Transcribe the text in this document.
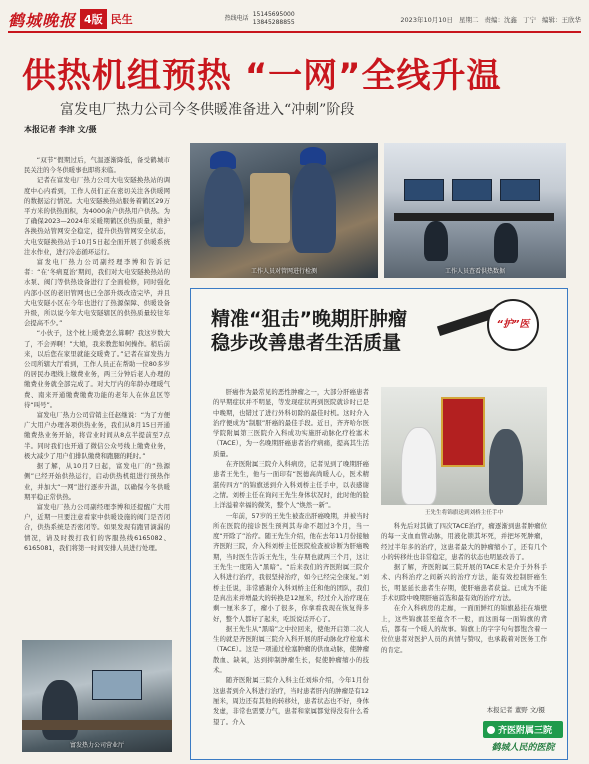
鹤城晚报 4版 民生	热线电话
15145695000
13845288855	2023年10月10日 星期二 责编：沈鑫 丁宁 编辑：王欣华
供热机组预热 “一网”全线升温
富发电厂热力公司今冬供暖准备进入“冲刺”阶段
本报记者 李津 文/摄

“双节”假期过后，气温逐渐降低，备受鹤城市民关注的今冬供暖事也即将来临。

记者在富发电厂热力公司大电安隧换热站的调度中心内看到，工作人员们正在密切关注各供暖网的数据运行情况。大电安隧换热站服务着鹤区29万平方米的供热面积，为4000余户供热用户供热。为了确保2023—2024年采暖期鹤区供热质量，维护各换热站管网安全稳定，提升供热管网安全状态，大电安隧换热站于10月5日起全面开展了供暖系统注水作业，进行冷态循环运行。

富发电厂热力公司副经理李博和告诉记者：“在‘冬病夏治’期间，我们对大电安隧换热站的水泵、阀门等供热设备进行了全面检修，同时强化内部小区的老旧管网也已全部升级改造完毕，并且大电安隧小区在今年也进行了热源保障、供暖设备升级，所以说今年大电安隧辖区的供热质量较往年会提高不少。”

“小伙子，这个枕上暖费怎么算啊？我这岁数大了，不会弄啊！”大娘，我来教您如何操作。稍后前来，以后您在家里就能交暖费了。”记者在富发热力公司所辖大厅看到，工作人员正在帮助一位80多岁的居民办理线上缴费业务，两三分钟后老人办理的缴费业务就全部完成了。对大厅内的年龄办理暖气费、南来开通缴费缴费功能的老年人在休息区等待“叫号”。

富发电厂热力公司营销主任赵继说：“为了方便广大用户办理各项供热业务，我们从8月15日开通缴费热业务开始，将营业时间从8点半提前至7点半。同时我们也开通了微信公众号线上缴费业务，极大减少了用户们排队缴费和跑腿的耗时。”

据了解，从10月7日起，富发电厂的“热源侧”已经开始供热运行，启动供热机组进行预热作业，并加大“一网”进行逐步升温，以确保今冬供暖期平稳正常供热。

富发电厂热力公司副经理李博和还提醒广大用户，近期一旦要注意看家中供暖设施的阀门是否闭合，供热系统是否密闭等。如果发现有跑冒滴漏的情况，请及时拨打我们的客服热线6165082、6165081，我们将第一时间安排人员进行处理。

工作人员对管网进行检测	工作人员查看供热数据
富发热力公司营业厅
精准“狙击”晚期肝肿瘤
稳步改善患者生活质量
“护”医

肝癌作为最常见的恶性肿瘤之一，大部分肝癌患者的早期症状并不明显，等发现症状再到医院就诊时已是中晚期，也错过了进行外科切除的最佳时机。这时介入治疗便成为“制服”肝癌的最佳手段。近日，齐齐哈尔医学院附属第三医院介入科成功实施肝动脉化疗栓塞术（TACE），为一名晚期肝癌患者治疗病痛，提高其生活质量。

在齐医附属三院介入科病房，记者见到了晚期肝癌患者王先生，他与一面印有“医德高尚暖人心，医术精湛传四方”的锦旗送到介入科刘桥主任手中，以表感谢之情。刘桥主任在询问王先生身体状况时，此时他的脸上洋溢着幸福的微笑，整个人“焕然一新”。

一年前，57岁的王先生被查出肝癌晚期，并被当时所在医院的接诊医生预判其寿命不超过3个月，当一度“开除了”治疗。随王先生介绍，他在去年11月份接触齐医附三院，介入科刘桥主任医院检查被诊断为肝癌晚期，当时医生告诉王先生，生存期也就两三个月，这让王先生一度陷入“黑暗”。“后来我们的齐医附属三院介入科进行治疗，我很坚持治疗，如今已经完全康复。”刘桥主任说，非常感谢介入科刘桥主任和他的团队，我们是真出来并增最大的转换是12厘米，经过介入治疗现在剩一厘米多了，瘤小了很多，你拿看我现在恢复得多好，整个人都好了起来，吃饭说话开心了。

据王先生从“黑暗”之中拉回来，使他开启第二次人生的就是齐医附属三院介入科开展的肝动脉化疗栓塞术（TACE）。这是一项通过栓塞肿瘤的供血动脉，使肿瘤散血、缺氧，达到抑制肿瘤生长，促使肿瘤缩小的技术。

随齐医附属三院介入科主任刘炜介绍，今年1月份这患者到介入科进行治疗，当时患者肝内的肿瘤是有12厘米，周边还有其他的转移灶，患者状态也不好，身体发虚，非常也需要力气，患者和家属都觉得没有什么希望了。介入

王先生将锦旗送到刘桥主任手中

科先后对其做了四次TACE治疗，瘤逐渐到患者肿瘤位的每一支血血管动脉，用液化锁其坏死，并把坏死肿瘤，经过半年多的治疗，这患者最大的肿瘤缩小了，还有几个小的转移灶也非常稳定，患者的状态也明显改善了。

据了解，齐医附属三院开展的TACE术是介于外科手术、内科治疗之间新兴的治疗方法，能有效控制肝癌生长，明显延长患者生存期，使肝癌患者获益。已成为不能手术切除中晚期肝癌首选和最有效的治疗方法。

在介入科病房的走廊，一面面鲜红的锦旗悬挂在墙壁上，这些锦旗甚至蕴含不一般，而这面每一面锦旗的背后，都有一个暖人的故事。锦旗上的字字句句都饱含着一位位患者对医护人员的真情与赞叹，也承载着对医务工作的肯定。

本报记者 董野 文/摄
齐医附属三院
鹤城人民的医院
